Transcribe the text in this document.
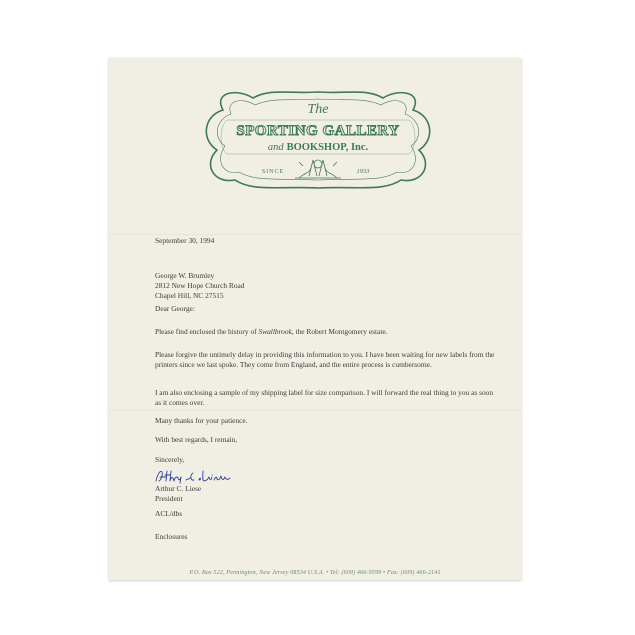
The
SPORTING GALLERY
and BOOKSHOP, Inc.
SINCE	1933

September 30, 1994

George W. Brumley
2812 New Hope Church Road
Chapel Hill, NC 27515

Dear George:

Please find enclosed the history of Swallbrook, the Robert Montgomery estate.

Please forgive the untimely delay in providing this information to you. I have been waiting for new labels from the printers since we last spoke. They come from England, and the entire process is cumbersome.

I am also enclosing a sample of my shipping label for size comparison. I will forward the real thing to you as soon as it comes over.

Many thanks for your patience.

With best regards, I remain,

Sincerely,

Arthur C. Liese
President

ACL/dbs

Enclosures

P.O. Box 522, Pennington, New Jersey 08534 U.S.A. • Tel: (609) 466-9599 • Fax: (609) 466-2141
